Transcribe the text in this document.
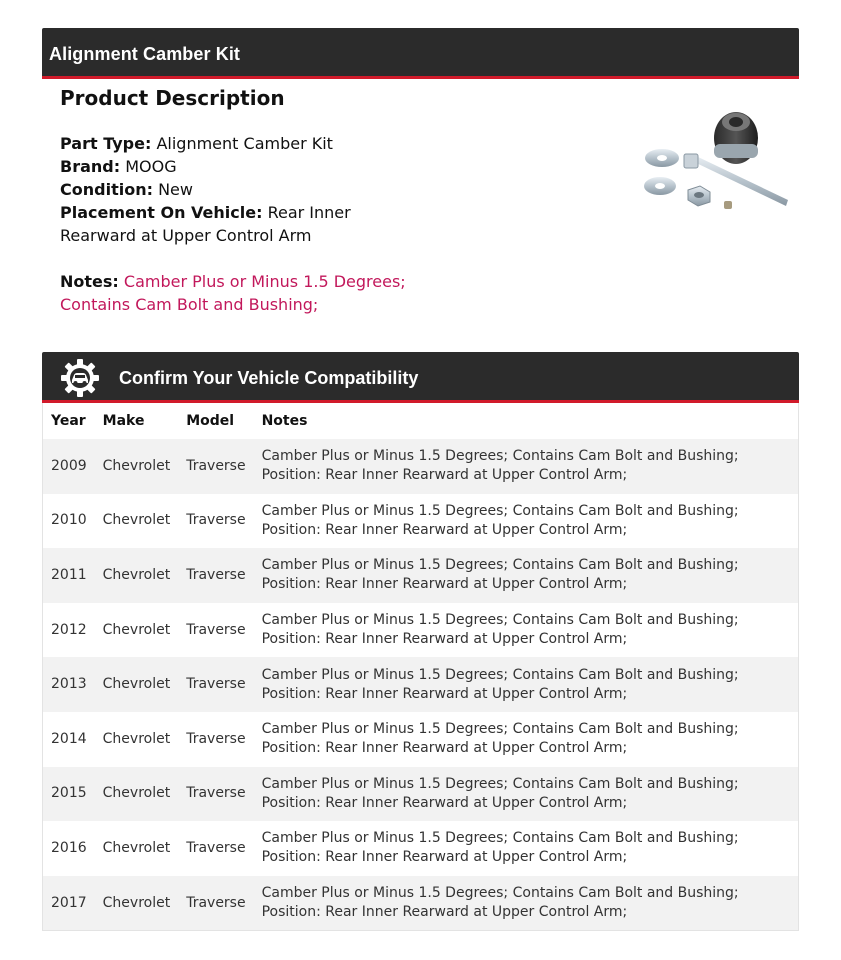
Alignment Camber Kit
Product Description
Part Type: Alignment Camber Kit
Brand: MOOG
Condition: New
Placement On Vehicle: Rear Inner Rearward at Upper Control Arm
Notes: Camber Plus or Minus 1.5 Degrees; Contains Cam Bolt and Bushing;
Confirm Your Vehicle Compatibility
Year	Make	Model	Notes
2009	Chevrolet	Traverse	Camber Plus or Minus 1.5 Degrees; Contains Cam Bolt and Bushing; Position: Rear Inner Rearward at Upper Control Arm;
2010	Chevrolet	Traverse	Camber Plus or Minus 1.5 Degrees; Contains Cam Bolt and Bushing; Position: Rear Inner Rearward at Upper Control Arm;
2011	Chevrolet	Traverse	Camber Plus or Minus 1.5 Degrees; Contains Cam Bolt and Bushing; Position: Rear Inner Rearward at Upper Control Arm;
2012	Chevrolet	Traverse	Camber Plus or Minus 1.5 Degrees; Contains Cam Bolt and Bushing; Position: Rear Inner Rearward at Upper Control Arm;
2013	Chevrolet	Traverse	Camber Plus or Minus 1.5 Degrees; Contains Cam Bolt and Bushing; Position: Rear Inner Rearward at Upper Control Arm;
2014	Chevrolet	Traverse	Camber Plus or Minus 1.5 Degrees; Contains Cam Bolt and Bushing; Position: Rear Inner Rearward at Upper Control Arm;
2015	Chevrolet	Traverse	Camber Plus or Minus 1.5 Degrees; Contains Cam Bolt and Bushing; Position: Rear Inner Rearward at Upper Control Arm;
2016	Chevrolet	Traverse	Camber Plus or Minus 1.5 Degrees; Contains Cam Bolt and Bushing; Position: Rear Inner Rearward at Upper Control Arm;
2017	Chevrolet	Traverse	Camber Plus or Minus 1.5 Degrees; Contains Cam Bolt and Bushing; Position: Rear Inner Rearward at Upper Control Arm;
